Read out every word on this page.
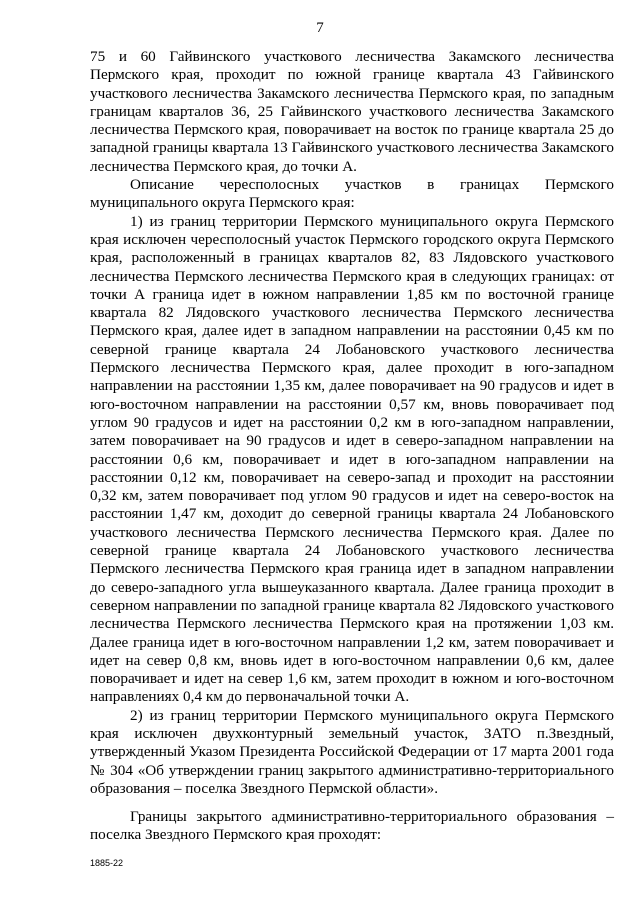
7

75 и 60 Гайвинского участкового лесничества Закамского лесничества Пермского края, проходит по южной границе квартала 43 Гайвинского участкового лесничества Закамского лесничества Пермского края, по западным границам кварталов 36, 25 Гайвинского участкового лесничества Закамского лесничества Пермского края, поворачивает на восток по границе квартала 25 до западной границы квартала 13 Гайвинского участкового лесничества Закамского лесничества Пермского края, до точки А.

Описание чересполосных участков в границах Пермского муниципального округа Пермского края:

1) из границ территории Пермского муниципального округа Пермского края исключен чересполосный участок Пермского городского округа Пермского края, расположенный в границах кварталов 82, 83 Лядовского участкового лесничества Пермского лесничества Пермского края в следующих границах: от точки А граница идет в южном направлении 1,85 км по восточной границе квартала 82 Лядовского участкового лесничества Пермского лесничества Пермского края, далее идет в западном направлении на расстоянии 0,45 км по северной границе квартала 24 Лобановского участкового лесничества Пермского лесничества Пермского края, далее проходит в юго-западном направлении на расстоянии 1,35 км, далее поворачивает на 90 градусов и идет в юго-восточном направлении на расстоянии 0,57 км, вновь поворачивает под углом 90 градусов и идет на расстоянии 0,2 км в юго-западном направлении, затем поворачивает на 90 градусов и идет в северо-западном направлении на расстоянии 0,6 км, поворачивает и идет в юго-западном направлении на расстоянии 0,12 км, поворачивает на северо-запад и проходит на расстоянии 0,32 км, затем поворачивает под углом 90 градусов и идет на северо-восток на расстоянии 1,47 км, доходит до северной границы квартала 24 Лобановского участкового лесничества Пермского лесничества Пермского края. Далее по северной границе квартала 24 Лобановского участкового лесничества Пермского лесничества Пермского края граница идет в западном направлении до северо-западного угла вышеуказанного квартала. Далее граница проходит в северном направлении по западной границе квартала 82 Лядовского участкового лесничества Пермского лесничества Пермского края на протяжении 1,03 км. Далее граница идет в юго-восточном направлении 1,2 км, затем поворачивает и идет на север 0,8 км, вновь идет в юго-восточном направлении 0,6 км, далее поворачивает и идет на север 1,6 км, затем проходит в южном и юго-восточном направлениях 0,4 км до первоначальной точки А.

2) из границ территории Пермского муниципального округа Пермского края исключен двухконтурный земельный участок, ЗАТО п.Звездный, утвержденный Указом Президента Российской Федерации от 17 марта 2001 года № 304 «Об утверждении границ закрытого административно-территориального образования – поселка Звездного Пермской области».

Границы закрытого административно-территориального образования – поселка Звездного Пермского края проходят:

1885-22
